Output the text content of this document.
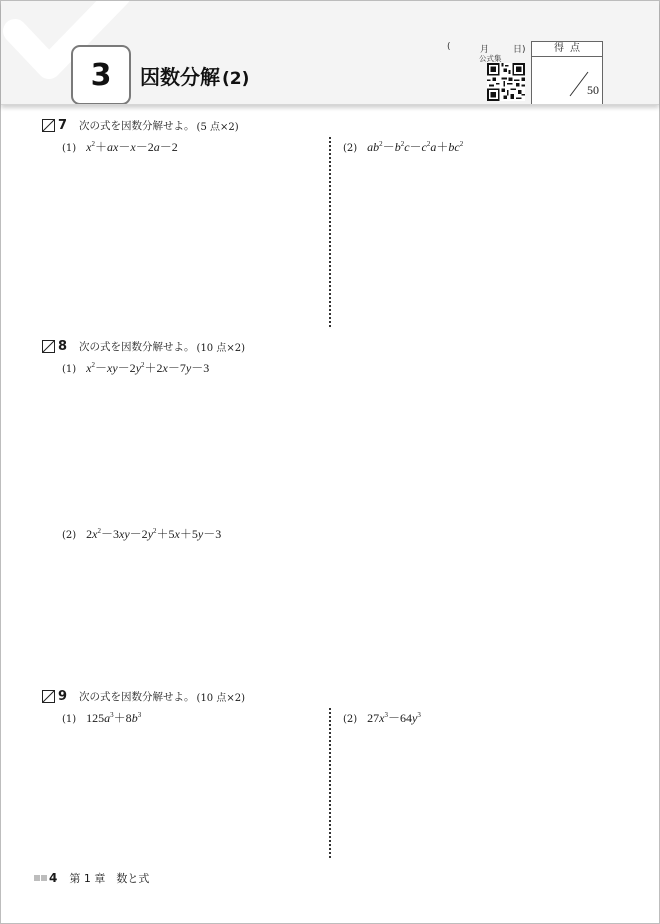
3	因数分解 (2)
(	月	日)
公式集
得点
50
7 次の式を因数分解せよ。 (5 点×2)
(1) $x^2+ax-x-2a-2$	(2) $ab^2-b^2c-c^2a+bc^2$
8 次の式を因数分解せよ。 (10 点×2)
(1) $x^2-xy-2y^2+2x-7y-3$
(2) $2x^2-3xy-2y^2+5x+5y-3$
9 次の式を因数分解せよ。 (10 点×2)
(1) $125a^3+8b^3$	(2) $27x^3-64y^3$
4 第 1 章　数と式
